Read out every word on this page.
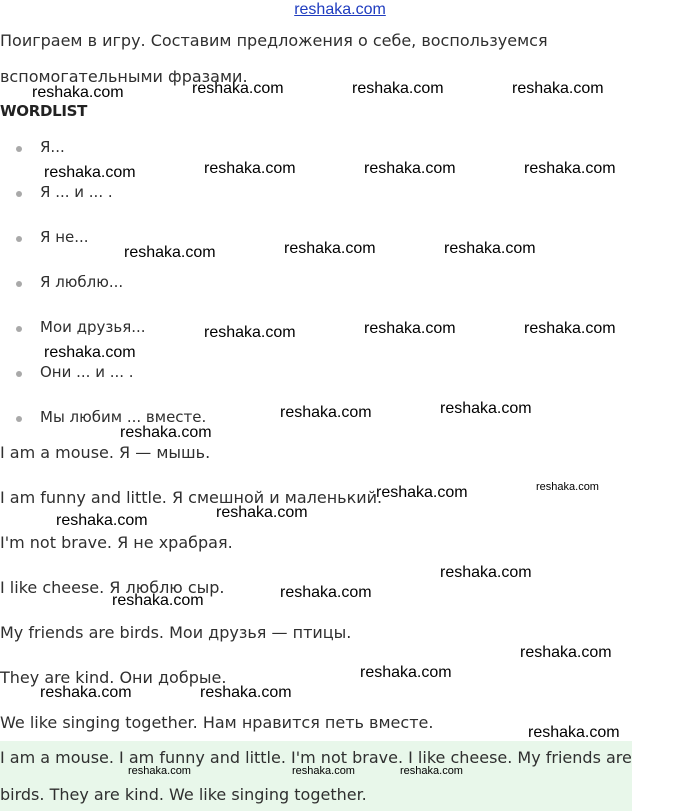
reshaka.com
Поиграем в игру. Составим предложения о себе, воспользуемся
вспомогательными фразами.
WORDLIST
Я...
Я ... и ... .
Я не...
Я люблю...
Мои друзья...
Они ... и ... .
Мы любим ... вместе.
I am a mouse. Я — мышь.
I am funny and little. Я смешной и маленький.
I'm not brave. Я не храбрая.
I like cheese. Я люблю сыр.
My friends are birds. Мои друзья — птицы.
They are kind. Они добрые.
We like singing together. Нам нравится петь вместе.
I am a mouse. I am funny and little. I'm not brave. I like cheese. My friends are
birds. They are kind. We like singing together.
reshaka.com	reshaka.com	reshaka.com	reshaka.com
reshaka.com	reshaka.com	reshaka.com	reshaka.com
reshaka.com	reshaka.com	reshaka.com
reshaka.com	reshaka.com	reshaka.com
reshaka.com
reshaka.com	reshaka.com
reshaka.com
reshaka.com	reshaka.com
reshaka.com
reshaka.com
reshaka.com
reshaka.com
reshaka.com
reshaka.com
reshaka.com
reshaka.com	reshaka.com
reshaka.com
reshaka.com	reshaka.com	reshaka.com
